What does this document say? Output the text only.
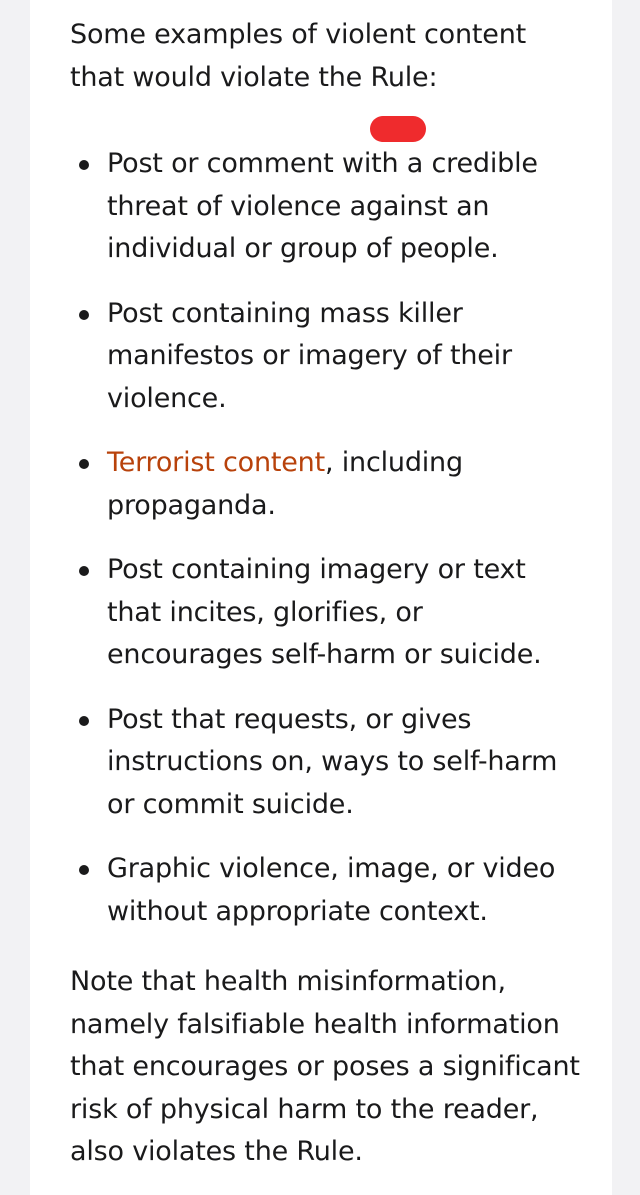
Some examples of violent content that would violate the Rule:

Post or comment with a credible threat of violence against an individual or group of people.
Post containing mass killer manifestos or imagery of their violence.
Terrorist content, including propaganda.
Post containing imagery or text that incites, glorifies, or encourages self-harm or suicide.
Post that requests, or gives instructions on, ways to self-harm or commit suicide.
Graphic violence, image, or video without appropriate context.

Note that health misinformation, namely falsifiable health information that encourages or poses a significant risk of physical harm to the reader, also violates the Rule.
